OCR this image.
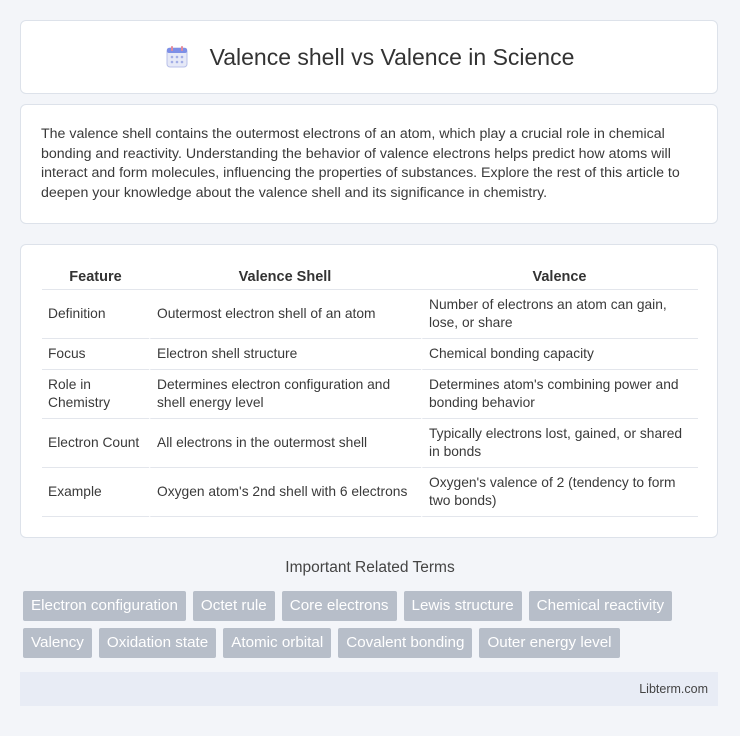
Valence shell vs Valence in Science

The valence shell contains the outermost electrons of an atom, which play a crucial role in chemical bonding and reactivity. Understanding the behavior of valence electrons helps predict how atoms will interact and form molecules, influencing the properties of substances. Explore the rest of this article to deepen your knowledge about the valence shell and its significance in chemistry.

Feature	Valence Shell	Valence
Definition	Outermost electron shell of an atom	Number of electrons an atom can gain, lose, or share
Focus	Electron shell structure	Chemical bonding capacity
Role in Chemistry	Determines electron configuration and shell energy level	Determines atom's combining power and bonding behavior
Electron Count	All electrons in the outermost shell	Typically electrons lost, gained, or shared in bonds
Example	Oxygen atom's 2nd shell with 6 electrons	Oxygen's valence of 2 (tendency to form two bonds)
Important Related Terms
Electron configuration	Octet rule	Core electrons	Lewis structure	Chemical reactivity
Valency	Oxidation state	Atomic orbital	Covalent bonding	Outer energy level
Libterm.com
